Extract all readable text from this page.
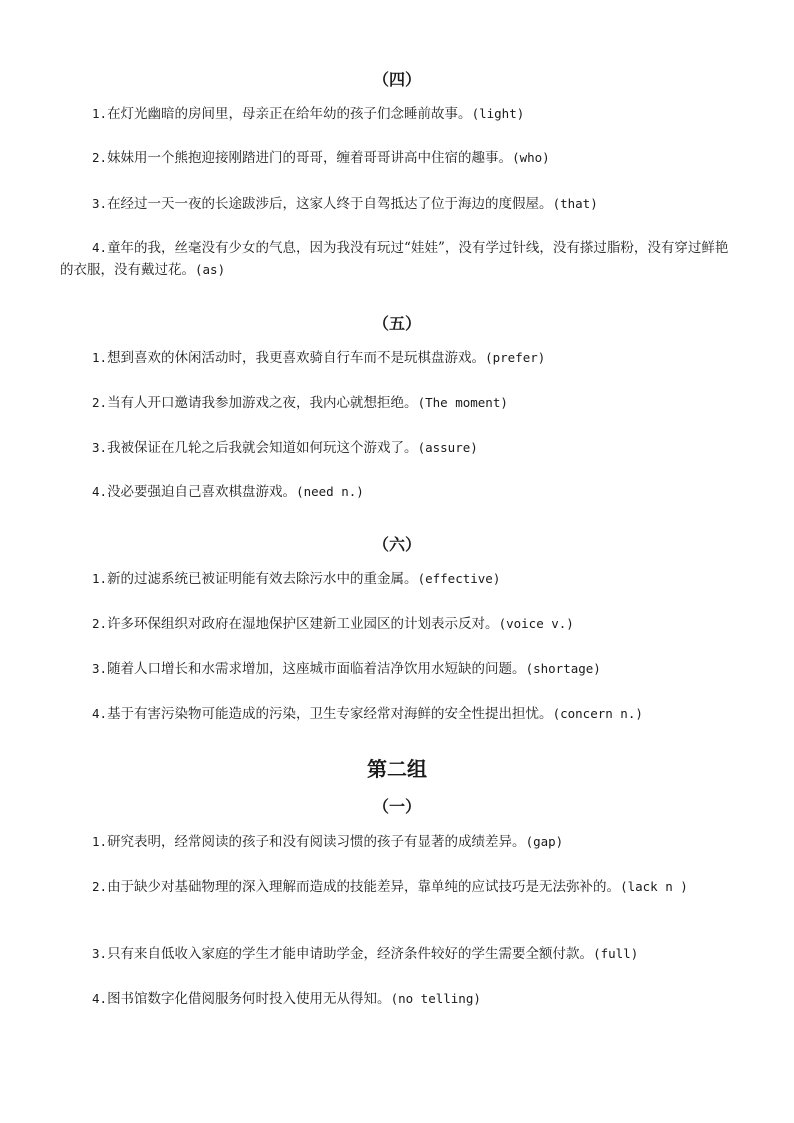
（四）
1.在灯光幽暗的房间里，母亲正在给年幼的孩子们念睡前故事。(light)
2.妹妹用一个熊抱迎接刚踏进门的哥哥，缠着哥哥讲高中住宿的趣事。(who)
3.在经过一天一夜的长途跋涉后，这家人终于自驾抵达了位于海边的度假屋。(that)
4.童年的我，丝毫没有少女的气息，因为我没有玩过“娃娃”，没有学过针线，没有搽过脂粉，没有穿过鲜艳的衣服，没有戴过花。(as)
（五）
1.想到喜欢的休闲活动时，我更喜欢骑自行车而不是玩棋盘游戏。(prefer)
2.当有人开口邀请我参加游戏之夜，我内心就想拒绝。(The moment)
3.我被保证在几轮之后我就会知道如何玩这个游戏了。(assure)
4.没必要强迫自己喜欢棋盘游戏。(need n.)
（六）
1.新的过滤系统已被证明能有效去除污水中的重金属。(effective)
2.许多环保组织对政府在湿地保护区建新工业园区的计划表示反对。(voice v.)
3.随着人口增长和水需求增加，这座城市面临着洁净饮用水短缺的问题。(shortage)
4.基于有害污染物可能造成的污染，卫生专家经常对海鲜的安全性提出担忧。(concern n.)
第二组
（一）
1.研究表明，经常阅读的孩子和没有阅读习惯的孩子有显著的成绩差异。(gap)
2.由于缺少对基础物理的深入理解而造成的技能差异，靠单纯的应试技巧是无法弥补的。(lack n )
3.只有来自低收入家庭的学生才能申请助学金，经济条件较好的学生需要全额付款。(full)
4.图书馆数字化借阅服务何时投入使用无从得知。(no telling)
